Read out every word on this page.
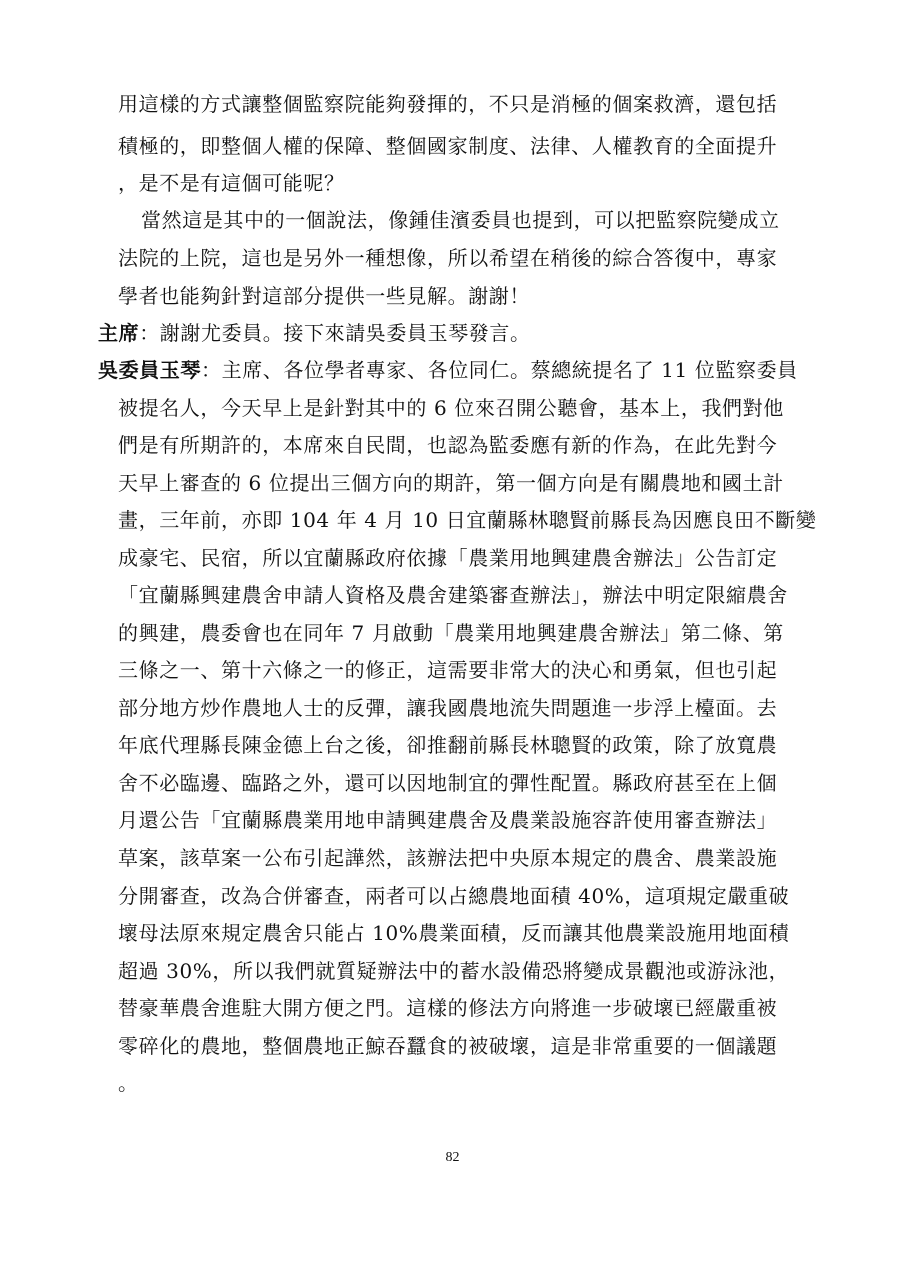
用這樣的方式讓整個監察院能夠發揮的，不只是消極的個案救濟，還包括
積極的，即整個人權的保障、整個國家制度、法律、人權教育的全面提升
，是不是有這個可能呢？
當然這是其中的一個說法，像鍾佳濱委員也提到，可以把監察院變成立
法院的上院，這也是另外一種想像，所以希望在稍後的綜合答復中，專家
學者也能夠針對這部分提供一些見解。謝謝！
主席：謝謝尤委員。接下來請吳委員玉琴發言。
吳委員玉琴：主席、各位學者專家、各位同仁。蔡總統提名了 11 位監察委員
被提名人，今天早上是針對其中的 6 位來召開公聽會，基本上，我們對他
們是有所期許的，本席來自民間，也認為監委應有新的作為，在此先對今
天早上審查的 6 位提出三個方向的期許，第一個方向是有關農地和國土計
畫，三年前，亦即 104 年 4 月 10 日宜蘭縣林聰賢前縣長為因應良田不斷變
成豪宅、民宿，所以宜蘭縣政府依據「農業用地興建農舍辦法」公告訂定
「宜蘭縣興建農舍申請人資格及農舍建築審查辦法」，辦法中明定限縮農舍
的興建，農委會也在同年 7 月啟動「農業用地興建農舍辦法」第二條、第
三條之一、第十六條之一的修正，這需要非常大的決心和勇氣，但也引起
部分地方炒作農地人士的反彈，讓我國農地流失問題進一步浮上檯面。去
年底代理縣長陳金德上台之後，卻推翻前縣長林聰賢的政策，除了放寬農
舍不必臨邊、臨路之外，還可以因地制宜的彈性配置。縣政府甚至在上個
月還公告「宜蘭縣農業用地申請興建農舍及農業設施容許使用審查辦法」
草案，該草案一公布引起譁然，該辦法把中央原本規定的農舍、農業設施
分開審查，改為合併審查，兩者可以占總農地面積 40%，這項規定嚴重破
壞母法原來規定農舍只能占 10%農業面積，反而讓其他農業設施用地面積
超過 30%，所以我們就質疑辦法中的蓄水設備恐將變成景觀池或游泳池，
替豪華農舍進駐大開方便之門。這樣的修法方向將進一步破壞已經嚴重被
零碎化的農地，整個農地正鯨吞蠶食的被破壞，這是非常重要的一個議題
。
82
